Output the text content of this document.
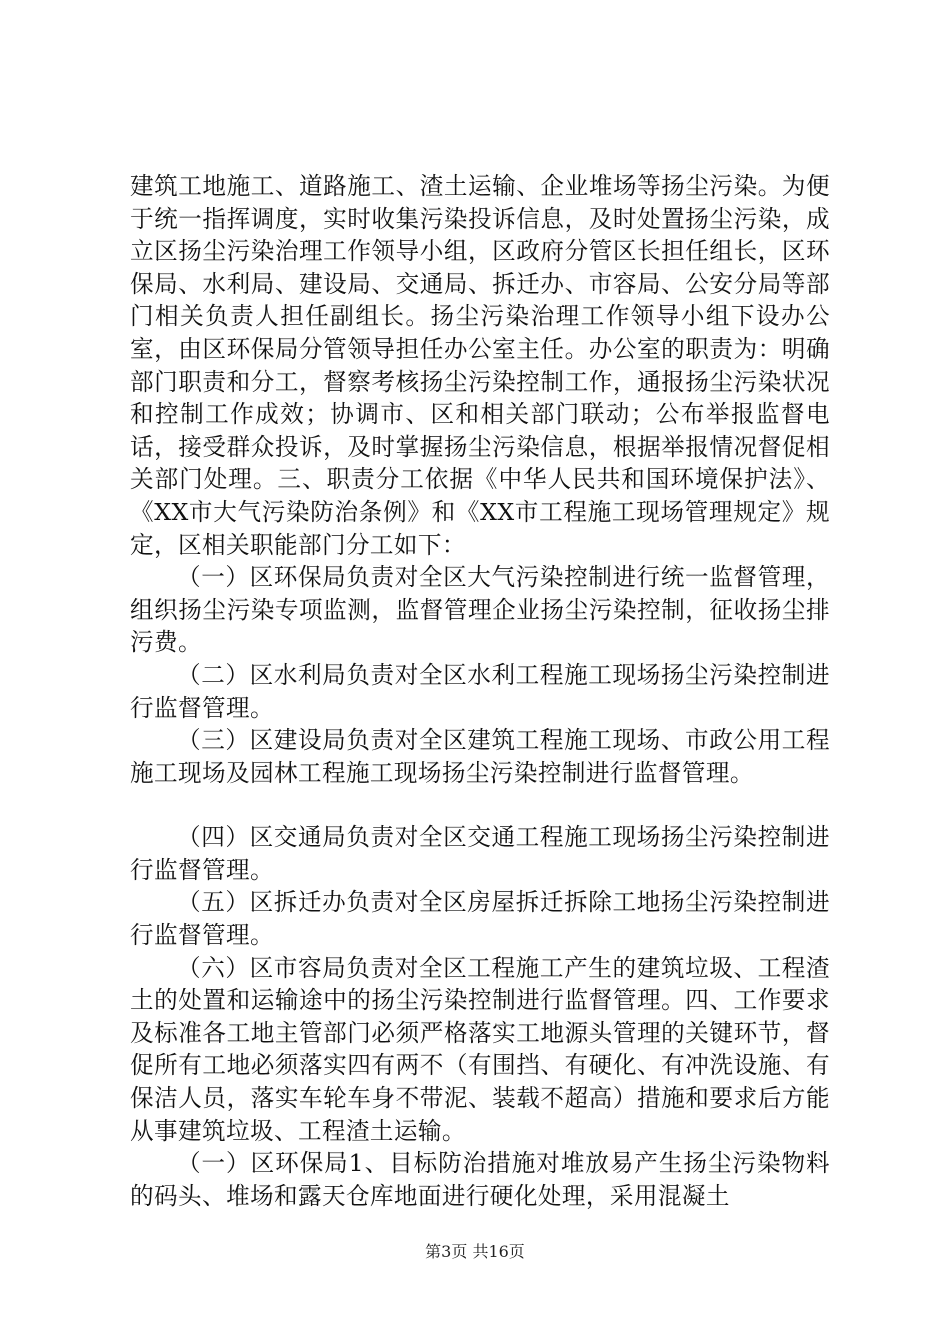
建筑工地施工、道路施工、渣土运输、企业堆场等扬尘污染。为便于统一指挥调度，实时收集污染投诉信息，及时处置扬尘污染，成立区扬尘污染治理工作领导小组，区政府分管区长担任组长，区环保局、水利局、建设局、交通局、拆迁办、市容局、公安分局等部门相关负责人担任副组长。扬尘污染治理工作领导小组下设办公室，由区环保局分管领导担任办公室主任。办公室的职责为：明确部门职责和分工，督察考核扬尘污染控制工作，通报扬尘污染状况和控制工作成效；协调市、区和相关部门联动；公布举报监督电话，接受群众投诉，及时掌握扬尘污染信息，根据举报情况督促相关部门处理。三、职责分工依据《中华人民共和国环境保护法》、《XX市大气污染防治条例》和《XX市工程施工现场管理规定》规定，区相关职能部门分工如下：

（一）区环保局负责对全区大气污染控制进行统一监督管理，组织扬尘污染专项监测，监督管理企业扬尘污染控制，征收扬尘排污费。

（二）区水利局负责对全区水利工程施工现场扬尘污染控制进行监督管理。

（三）区建设局负责对全区建筑工程施工现场、市政公用工程施工现场及园林工程施工现场扬尘污染控制进行监督管理。

（四）区交通局负责对全区交通工程施工现场扬尘污染控制进行监督管理。

（五）区拆迁办负责对全区房屋拆迁拆除工地扬尘污染控制进行监督管理。

（六）区市容局负责对全区工程施工产生的建筑垃圾、工程渣土的处置和运输途中的扬尘污染控制进行监督管理。四、工作要求及标准各工地主管部门必须严格落实工地源头管理的关键环节，督促所有工地必须落实四有两不（有围挡、有硬化、有冲洗设施、有保洁人员，落实车轮车身不带泥、装载不超高）措施和要求后方能从事建筑垃圾、工程渣土运输。

（一）区环保局1、目标防治措施对堆放易产生扬尘污染物料的码头、堆场和露天仓库地面进行硬化处理，采用混凝土

第3页 共16页
